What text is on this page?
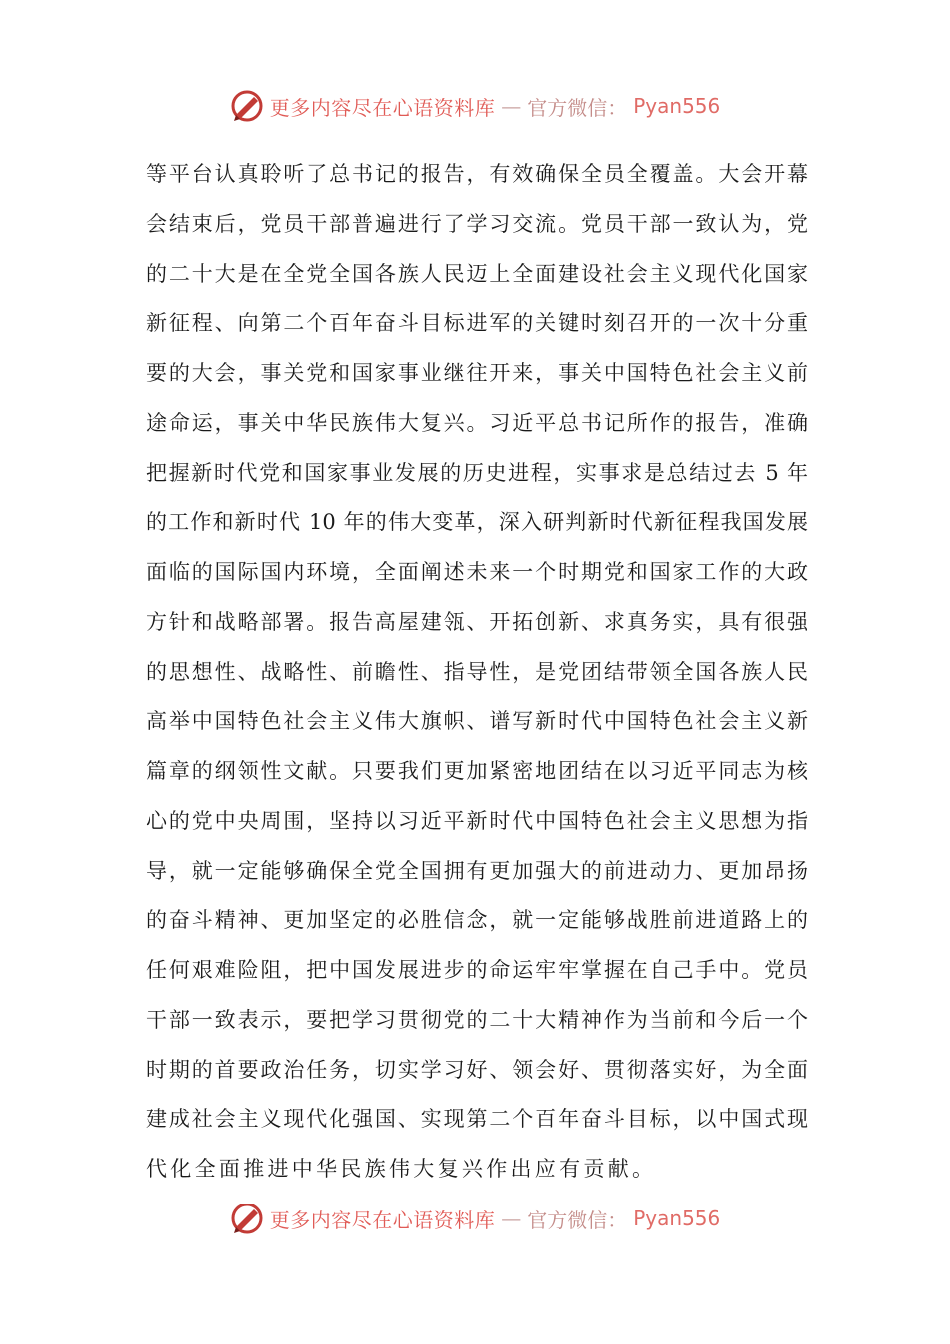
更多内容尽在心语资料库 — 官方微信： Pyan556
等平台认真聆听了总书记的报告，有效确保全员全覆盖。大会开幕
会结束后，党员干部普遍进行了学习交流。党员干部一致认为，党
的二十大是在全党全国各族人民迈上全面建设社会主义现代化国家
新征程、向第二个百年奋斗目标进军的关键时刻召开的一次十分重
要的大会，事关党和国家事业继往开来，事关中国特色社会主义前
途命运，事关中华民族伟大复兴。习近平总书记所作的报告，准确
把握新时代党和国家事业发展的历史进程，实事求是总结过去 5 年
的工作和新时代 10 年的伟大变革，深入研判新时代新征程我国发展
面临的国际国内环境，全面阐述未来一个时期党和国家工作的大政
方针和战略部署。报告高屋建瓴、开拓创新、求真务实，具有很强
的思想性、战略性、前瞻性、指导性，是党团结带领全国各族人民
高举中国特色社会主义伟大旗帜、谱写新时代中国特色社会主义新
篇章的纲领性文献。只要我们更加紧密地团结在以习近平同志为核
心的党中央周围，坚持以习近平新时代中国特色社会主义思想为指
导，就一定能够确保全党全国拥有更加强大的前进动力、更加昂扬
的奋斗精神、更加坚定的必胜信念，就一定能够战胜前进道路上的
任何艰难险阻，把中国发展进步的命运牢牢掌握在自己手中。党员
干部一致表示，要把学习贯彻党的二十大精神作为当前和今后一个
时期的首要政治任务，切实学习好、领会好、贯彻落实好，为全面
建成社会主义现代化强国、实现第二个百年奋斗目标，以中国式现
代化全面推进中华民族伟大复兴作出应有贡献。
更多内容尽在心语资料库 — 官方微信： Pyan556
